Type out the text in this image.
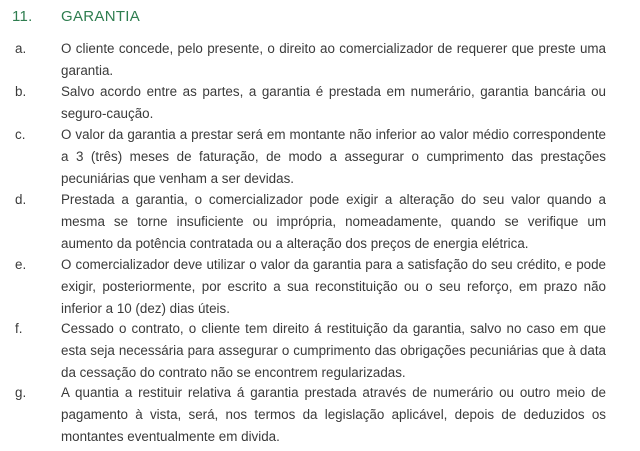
11. GARANTIA
a.	O cliente concede, pelo presente, o direito ao comercializador de requerer que preste uma garantia.
b.	Salvo acordo entre as partes, a garantia é prestada em numerário, garantia bancária ou seguro-caução.
c.	O valor da garantia a prestar será em montante não inferior ao valor médio correspondente a 3 (três) meses de faturação, de modo a assegurar o cumprimento das prestações pecuniárias que venham a ser devidas.
d.	Prestada a garantia, o comercializador pode exigir a alteração do seu valor quando a mesma se torne insuficiente ou imprópria, nomeadamente, quando se verifique um aumento da potência contratada ou a alteração dos preços de energia elétrica.
e.	O comercializador deve utilizar o valor da garantia para a satisfação do seu crédito, e pode exigir, posteriormente, por escrito a sua reconstituição ou o seu reforço, em prazo não inferior a 10 (dez) dias úteis.
f.	Cessado o contrato, o cliente tem direito á restituição da garantia, salvo no caso em que esta seja necessária para assegurar o cumprimento das obrigações pecuniárias que à data da cessação do contrato não se encontrem regularizadas.
g.	A quantia a restituir relativa á garantia prestada através de numerário ou outro meio de pagamento à vista, será, nos termos da legislação aplicável, depois de deduzidos os montantes eventualmente em divida.
